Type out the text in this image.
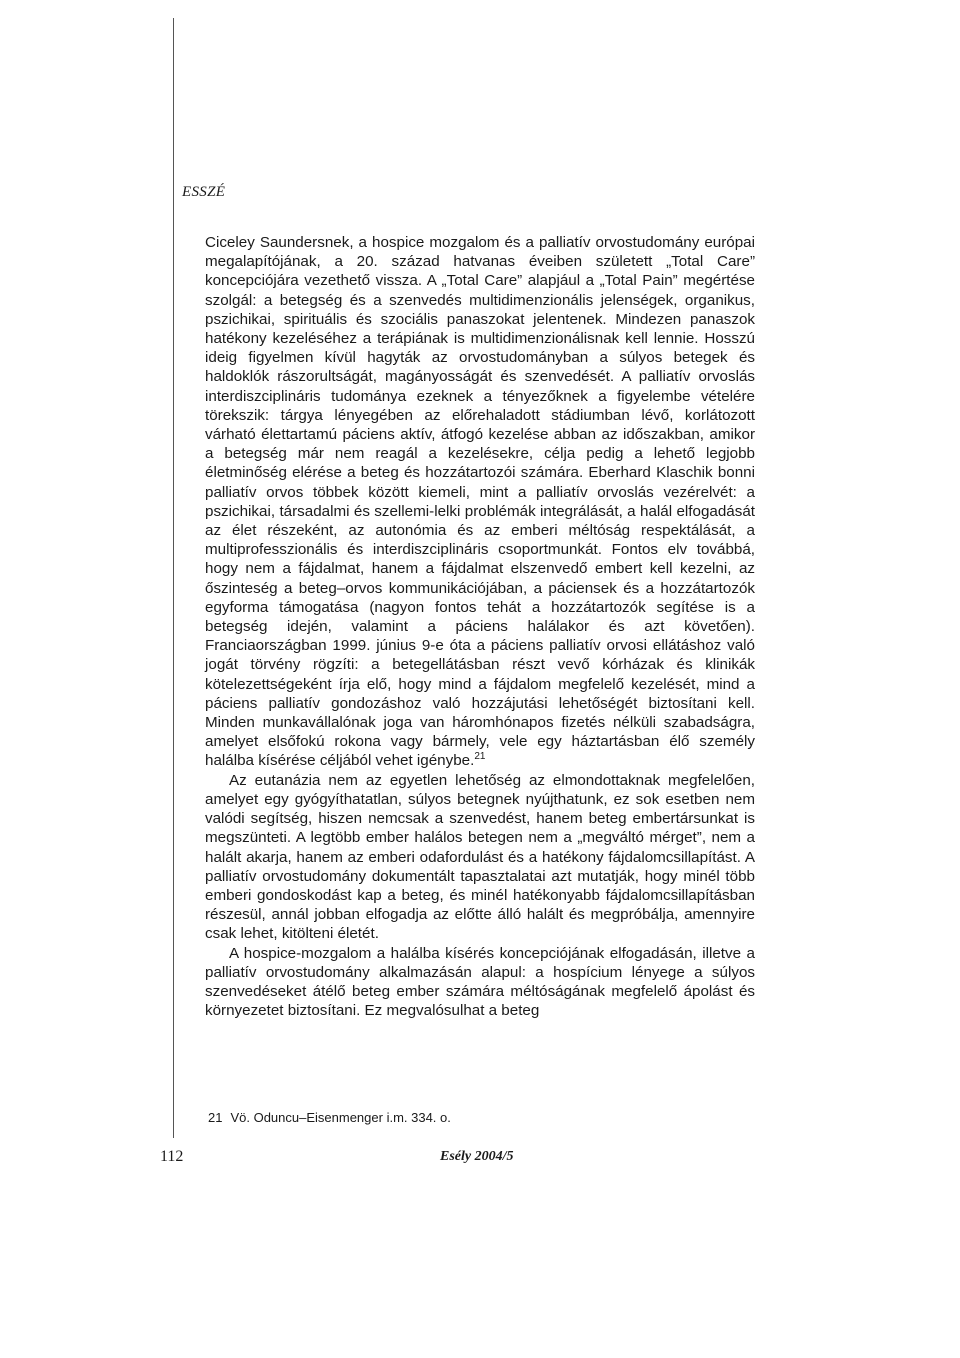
ESSZÉ

Ciceley Saundersnek, a hospice mozgalom és a palliatív orvostudomány európai megalapítójának, a 20. század hatvanas éveiben született „Total Care” koncepciójára vezethető vissza. A „Total Care” alapjául a „Total Pain” megértése szolgál: a betegség és a szenvedés multidimenzionális jelenségek, organikus, pszichikai, spirituális és szociális panaszokat jelentenek. Mindezen panaszok hatékony kezeléséhez a terápiának is multidimenzionálisnak kell lennie. Hosszú ideig figyelmen kívül hagyták az orvostudományban a súlyos betegek és haldoklók rászorultságát, magányosságát és szenvedését. A palliatív orvoslás interdiszciplináris tudománya ezeknek a tényezőknek a figyelembe vételére törekszik: tárgya lényegében az előrehaladott stádiumban lévő, korlátozott várható élettartamú páciens aktív, átfogó kezelése abban az időszakban, amikor a betegség már nem reagál a kezelésekre, célja pedig a lehető legjobb életminőség elérése a beteg és hozzátartozói számára. Eberhard Klaschik bonni palliatív orvos többek között kiemeli, mint a palliatív orvoslás vezérelvét: a pszichikai, társadalmi és szellemi-lelki problémák integrálását, a halál elfogadását az élet részeként, az autonómia és az emberi méltóság respektálását, a multiprofesszionális és interdiszciplináris csoportmunkát. Fontos elv továbbá, hogy nem a fájdalmat, hanem a fájdalmat elszenvedő embert kell kezelni, az őszinteség a beteg–orvos kommunikációjában, a páciensek és a hozzátartozók egyforma támogatása (nagyon fontos tehát a hozzátartozók segítése is a betegség idején, valamint a páciens halálakor és azt követően). Franciaországban 1999. június 9-e óta a páciens palliatív orvosi ellátáshoz való jogát törvény rögzíti: a betegellátásban részt vevő kórházak és klinikák kötelezettségeként írja elő, hogy mind a fájdalom megfelelő kezelését, mind a páciens palliatív gondozáshoz való hozzájutási lehetőségét biztosítani kell. Minden munkavállalónak joga van háromhónapos fizetés nélküli szabadságra, amelyet elsőfokú rokona vagy bármely, vele egy háztartásban élő személy halálba kísérése céljából vehet igénybe.$^{21}$

Az eutanázia nem az egyetlen lehetőség az elmondottaknak megfelelően, amelyet egy gyógyíthatatlan, súlyos betegnek nyújthatunk, ez sok esetben nem valódi segítség, hiszen nemcsak a szenvedést, hanem beteg embertársunkat is megszünteti. A legtöbb ember halálos betegen nem a „megváltó mérget”, nem a halált akarja, hanem az emberi odafordulást és a hatékony fájdalomcsillapítást. A palliatív orvostudomány dokumentált tapasztalatai azt mutatják, hogy minél több emberi gondoskodást kap a beteg, és minél hatékonyabb fájdalomcsillapításban részesül, annál jobban elfogadja az előtte álló halált és megpróbálja, amennyire csak lehet, kitölteni életét.

A hospice-mozgalom a halálba kísérés koncepciójának elfogadásán, illetve a palliatív orvostudomány alkalmazásán alapul: a hospícium lényege a súlyos szenvedéseket átélő beteg ember számára méltóságának megfelelő ápolást és környezetet biztosítani. Ez megvalósulhat a beteg

21 Vö. Oduncu–Eisenmenger i.m. 334. o.

112	Esély 2004/5
